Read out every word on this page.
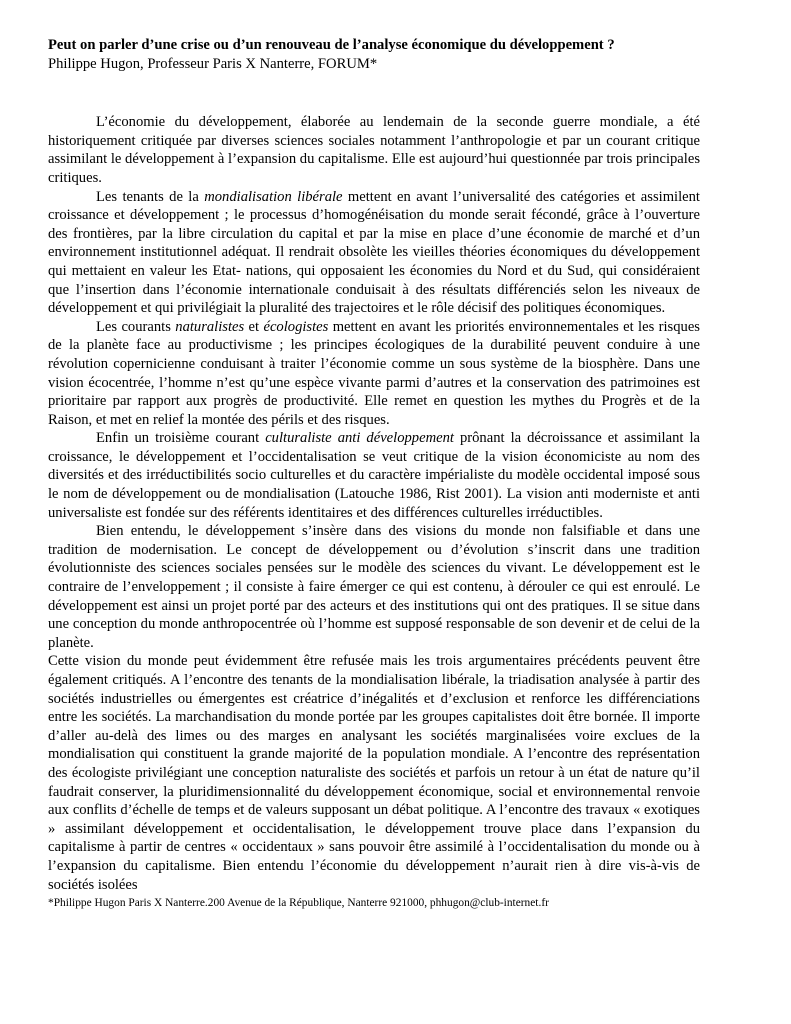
Peut on parler d’une crise ou d’un renouveau de l’analyse économique du développement ?

Philippe Hugon, Professeur Paris X Nanterre, FORUM*

L’économie du développement, élaborée au lendemain de la seconde guerre mondiale, a été historiquement critiquée par diverses sciences sociales notamment l’anthropologie et par un courant critique assimilant le développement à l’expansion du capitalisme. Elle est aujourd’hui questionnée par trois principales critiques.

Les tenants de la mondialisation libérale mettent en avant l’universalité des catégories et assimilent croissance et développement ; le processus d’homogénéisation du monde serait fécondé, grâce à l’ouverture des frontières, par la libre circulation du capital et par la mise en place d’une économie de marché et d’un environnement institutionnel adéquat. Il rendrait obsolète les vieilles théories économiques du développement qui mettaient en valeur les Etat- nations, qui opposaient les économies du Nord et du Sud, qui considéraient que l’insertion dans l’économie internationale conduisait à des résultats différenciés selon les niveaux de développement et qui privilégiait la pluralité des trajectoires et le rôle décisif des politiques économiques.

Les courants naturalistes et écologistes mettent en avant les priorités environnementales et les risques de la planète face au productivisme ; les principes écologiques de la durabilité peuvent conduire à une révolution copernicienne conduisant à traiter l’économie comme un sous système de la biosphère. Dans une vision écocentrée, l’homme n’est qu’une espèce vivante parmi d’autres et la conservation des patrimoines est prioritaire par rapport aux progrès de productivité. Elle remet en question les mythes du Progrès et de la Raison, et met en relief la montée des périls et des risques.

Enfin un troisième courant culturaliste anti développement prônant la décroissance et assimilant la croissance, le développement et l’occidentalisation se veut critique de la vision économiciste au nom des diversités et des irréductibilités socio culturelles et du caractère impérialiste du modèle occidental imposé sous le nom de développement ou de mondialisation (Latouche 1986, Rist 2001). La vision anti moderniste et anti universaliste est fondée sur des référents identitaires et des différences culturelles irréductibles.

Bien entendu, le développement s’insère dans des visions du monde non falsifiable et dans une tradition de modernisation. Le concept de développement ou d’évolution s’inscrit dans une tradition évolutionniste des sciences sociales pensées sur le modèle des sciences du vivant. Le développement est le contraire de l’enveloppement ; il consiste à faire émerger ce qui est contenu, à dérouler ce qui est enroulé. Le développement est ainsi un projet porté par des acteurs et des institutions qui ont des pratiques. Il se situe dans une conception du monde anthropocentrée où l’homme est supposé responsable de son devenir et de celui de la planète.

Cette vision du monde peut évidemment être refusée mais les trois argumentaires précédents peuvent être également critiqués. A l’encontre des tenants de la mondialisation libérale, la triadisation analysée à partir des sociétés industrielles ou émergentes est créatrice d’inégalités et d’exclusion et renforce les différenciations entre les sociétés. La marchandisation du monde portée par les groupes capitalistes doit être bornée. Il importe d’aller au-delà des limes ou des marges en analysant les sociétés marginalisées voire exclues de la mondialisation qui constituent la grande majorité de la population mondiale. A l’encontre des représentation des écologiste privilégiant une conception naturaliste des sociétés et parfois un retour à un état de nature qu’il faudrait conserver, la pluridimensionnalité du développement économique, social et environnemental renvoie aux conflits d’échelle de temps et de valeurs supposant un débat politique. A l’encontre des travaux « exotiques » assimilant développement et occidentalisation, le développement trouve place dans l’expansion du capitalisme à partir de centres « occidentaux » sans pouvoir être assimilé à l’occidentalisation du monde ou à l’expansion du capitalisme. Bien entendu l’économie du développement n’aurait rien à dire vis-à-vis de sociétés isolées

*Philippe Hugon Paris X Nanterre.200 Avenue de la République, Nanterre 921000, phhugon@club-internet.fr
